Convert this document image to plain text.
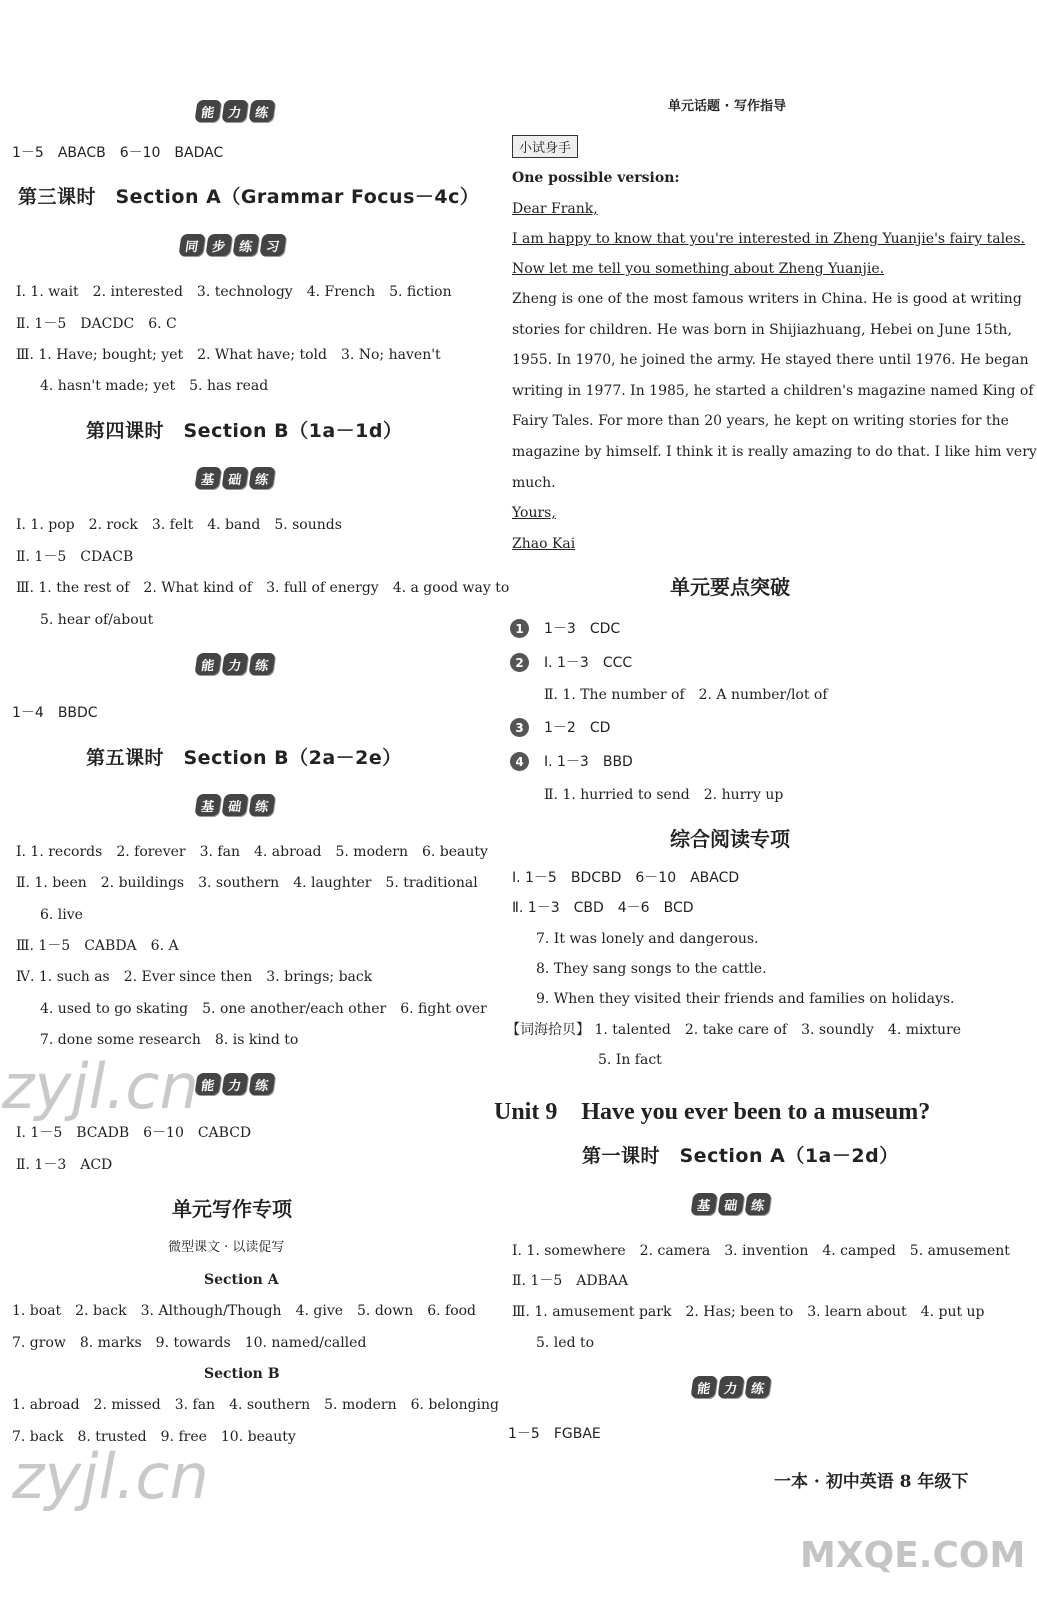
能 力 练
1－5　ABACB　6－10　BADAC
第三课时　Section A（Grammar Focus－4c）
同 步 练 习
Ⅰ. 1. wait　2. interested　3. technology　4. French　5. fiction
Ⅱ. 1－5　DACDC　6. C
Ⅲ. 1. Have; bought; yet　2. What have; told　3. No; haven't
4. hasn't made; yet　5. has read
第四课时　Section B（1a－1d）
基 础 练
Ⅰ. 1. pop　2. rock　3. felt　4. band　5. sounds
Ⅱ. 1－5　CDACB
Ⅲ. 1. the rest of　2. What kind of　3. full of energy　4. a good way to
5. hear of/about
能 力 练
1－4　BBDC
第五课时　Section B（2a－2e）
基 础 练
Ⅰ. 1. records　2. forever　3. fan　4. abroad　5. modern　6. beauty
Ⅱ. 1. been　2. buildings　3. southern　4. laughter　5. traditional
6. live
Ⅲ. 1－5　CABDA　6. A
Ⅳ. 1. such as　2. Ever since then　3. brings; back
4. used to go skating　5. one another/each other　6. fight over
7. done some research　8. is kind to
能 力 练
Ⅰ. 1－5　BCADB　6－10　CABCD
Ⅱ. 1－3　ACD
单元写作专项
微型课文 · 以读促写
Section A
1. boat　2. back　3. Although/Though　4. give　5. down　6. food
7. grow　8. marks　9. towards　10. named/called
Section B
1. abroad　2. missed　3. fan　4. southern　5. modern　6. belonging
7. back　8. trusted　9. free　10. beauty
zyjl.cn
zyjl.cn
单元话题 · 写作指导
小试身手
One possible version:
Dear Frank,
I am happy to know that you're interested in Zheng Yuanjie's fairy tales.
Now let me tell you something about Zheng Yuanjie.
Zheng is one of the most famous writers in China. He is good at writing
stories for children. He was born in Shijiazhuang, Hebei on June 15th,
1955. In 1970, he joined the army. He stayed there until 1976. He began
writing in 1977. In 1985, he started a children's magazine named King of
Fairy Tales. For more than 20 years, he kept on writing stories for the
magazine by himself. I think it is really amazing to do that. I like him very
much.
Yours,
Zhao Kai
单元要点突破
1	1－3　CDC
2	Ⅰ. 1－3　CCC
Ⅱ. 1. The number of　2. A number/lot of
3	1－2　CD
4	Ⅰ. 1－3　BBD
Ⅱ. 1. hurried to send　2. hurry up
综合阅读专项
Ⅰ. 1－5　BDCBD　6－10　ABACD
Ⅱ. 1－3　CBD　4－6　BCD
7. It was lonely and dangerous.
8. They sang songs to the cattle.
9. When they visited their friends and families on holidays.
【词海拾贝】 1. talented　2. take care of　3. soundly　4. mixture
5. In fact
Unit 9　Have you ever been to a museum?
第一课时　Section A（1a－2d）
基 础 练
Ⅰ. 1. somewhere　2. camera　3. invention　4. camped　5. amusement
Ⅱ. 1－5　ADBAA
Ⅲ. 1. amusement park　2. Has; been to　3. learn about　4. put up
5. led to
能 力 练
1－5　FGBAE
一本 · 初中英语 8 年级下
MXQE.COM
